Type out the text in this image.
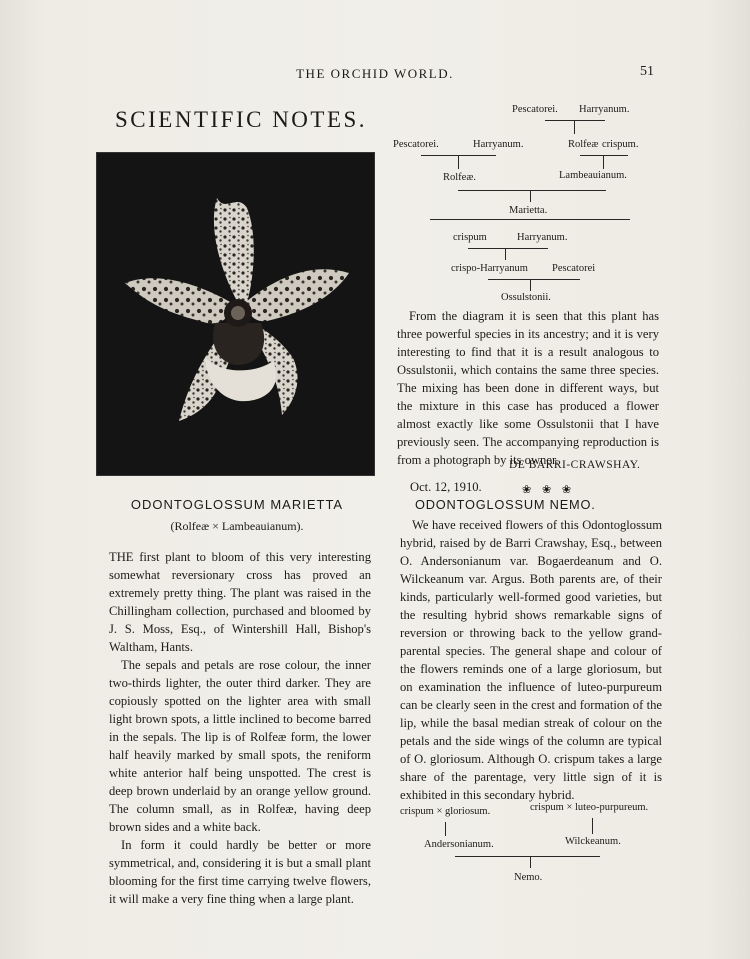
THE ORCHID WORLD.	51
SCIENTIFIC NOTES.
ODONTOGLOSSUM MARIETTA
(Rolfeæ × Lambeauianum).

THE first plant to bloom of this very interesting somewhat reversionary cross has proved an extremely pretty thing. The plant was raised in the Chillingham collection, purchased and bloomed by J. S. Moss, Esq., of Wintershill Hall, Bishop's Waltham, Hants.

The sepals and petals are rose colour, the inner two-thirds lighter, the outer third darker. They are copiously spotted on the lighter area with small light brown spots, a little inclined to become barred in the sepals. The lip is of Rolfeæ form, the lower half heavily marked by small spots, the reniform white anterior half being unspotted. The crest is deep brown underlaid by an orange yellow ground. The column small, as in Rolfeæ, having deep brown sides and a white back.

In form it could hardly be better or more symmetrical, and, considering it is but a small plant blooming for the first time carrying twelve flowers, it will make a very fine thing when a large plant.

Pescatorei. Harryanum.
Pescatorei.	Harryanum.	Rolfeæ crispum.
Rolfeæ.	Lambeauianum.
Marietta.
crispum	Harryanum.
crispo-Harryanum Pescatorei
Ossulstonii.

From the diagram it is seen that this plant has three powerful species in its ancestry; and it is very interesting to find that it is a result analogous to Ossulstonii, which contains the same three species. The mixing has been done in different ways, but the mixture in this case has produced a flower almost exactly like some Ossulstonii that I have previously seen. The accompanying reproduction is from a photograph by its owner.

DE BARRI-CRAWSHAY.
Oct. 12, 1910.	❀ ❀ ❀
ODONTOGLOSSUM NEMO.

We have received flowers of this Odontoglossum hybrid, raised by de Barri Crawshay, Esq., between O. Andersonianum var. Bogaerdeanum and O. Wilckeanum var. Argus. Both parents are, of their kinds, particularly well-formed good varieties, but the resulting hybrid shows remarkable signs of reversion or throwing back to the yellow grand-parental species. The general shape and colour of the flowers reminds one of a large gloriosum, but on examination the influence of luteo-purpureum can be clearly seen in the crest and formation of the lip, while the basal median streak of colour on the petals and the side wings of the column are typical of O. gloriosum. Although O. crispum takes a large share of the parentage, very little sign of it is exhibited in this secondary hybrid.

crispum × gloriosum.	crispum × luteo-purpureum.
Andersonianum.	Wilckeanum.
Nemo.
